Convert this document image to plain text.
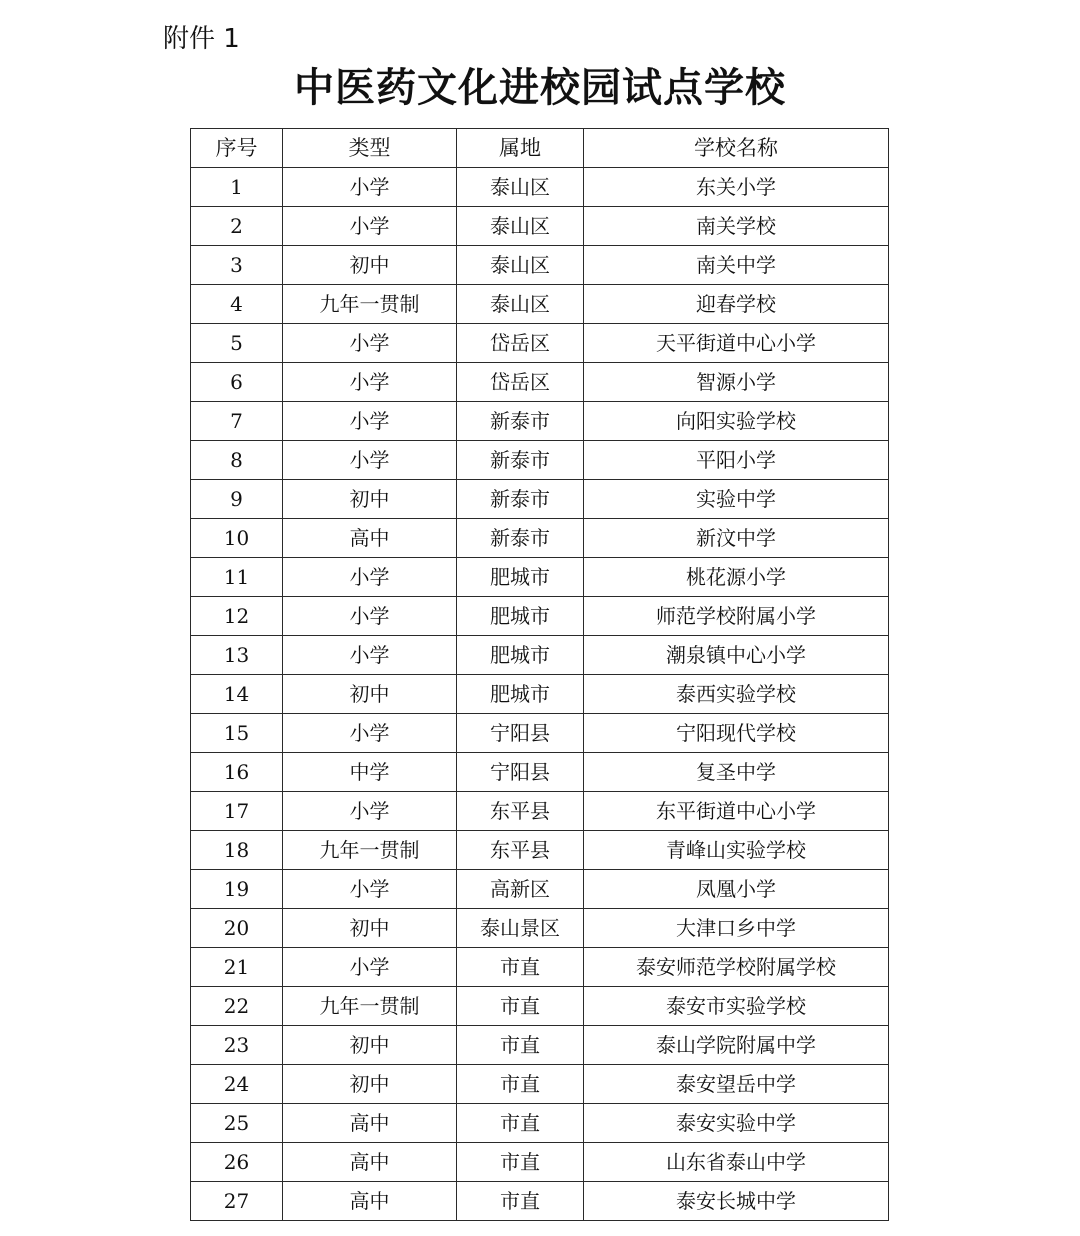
附件 1
中医药文化进校园试点学校
序号	类型	属地	学校名称
1	小学	泰山区	东关小学
2	小学	泰山区	南关学校
3	初中	泰山区	南关中学
4	九年一贯制	泰山区	迎春学校
5	小学	岱岳区	天平街道中心小学
6	小学	岱岳区	智源小学
7	小学	新泰市	向阳实验学校
8	小学	新泰市	平阳小学
9	初中	新泰市	实验中学
10	高中	新泰市	新汶中学
11	小学	肥城市	桃花源小学
12	小学	肥城市	师范学校附属小学
13	小学	肥城市	潮泉镇中心小学
14	初中	肥城市	泰西实验学校
15	小学	宁阳县	宁阳现代学校
16	中学	宁阳县	复圣中学
17	小学	东平县	东平街道中心小学
18	九年一贯制	东平县	青峰山实验学校
19	小学	高新区	凤凰小学
20	初中	泰山景区	大津口乡中学
21	小学	市直	泰安师范学校附属学校
22	九年一贯制	市直	泰安市实验学校
23	初中	市直	泰山学院附属中学
24	初中	市直	泰安望岳中学
25	高中	市直	泰安实验中学
26	高中	市直	山东省泰山中学
27	高中	市直	泰安长城中学
